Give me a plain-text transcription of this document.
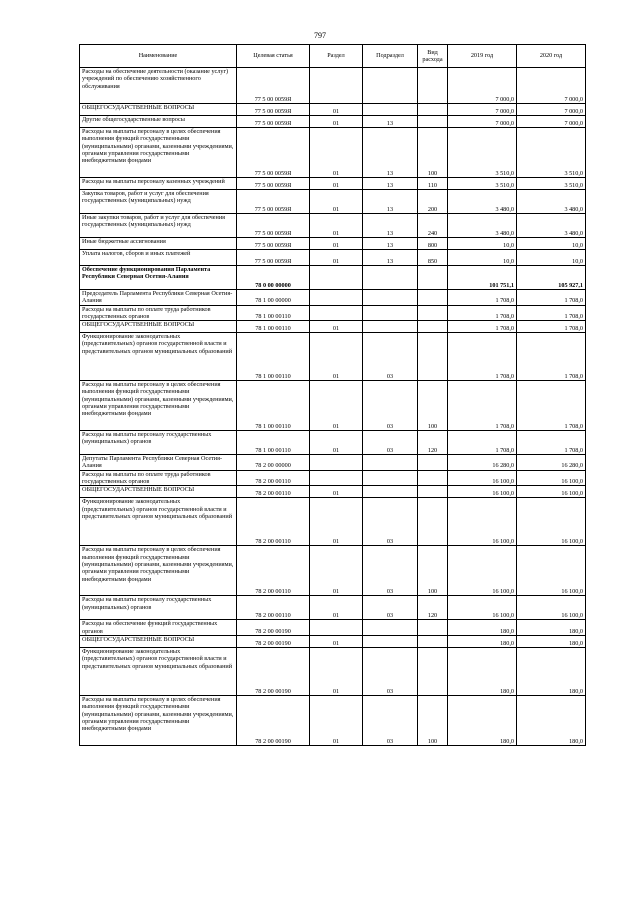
797
Наименование	Целевая статья	Раздел	Подраздел	Вид расхода	2019 год	2020 год
Расходы на обеспечение деятельности (оказание услуг) учреждений по обеспечению хозяйственного обслуживания	77 5 00 0059Я				7 000,0	7 000,0
ОБЩЕГОСУДАРСТВЕННЫЕ ВОПРОСЫ	77 5 00 0059Я	01			7 000,0	7 000,0
Другие общегосударственные вопросы	77 5 00 0059Я	01	13		7 000,0	7 000,0
Расходы на выплаты персоналу в целях обеспечения выполнения функций государственными (муниципальными) органами, казенными учреждениями, органами управления государственными внебюджетными фондами	77 5 00 0059Я	01	13	100	3 510,0	3 510,0
Расходы на выплаты персоналу казенных учреждений	77 5 00 0059Я	01	13	110	3 510,0	3 510,0
Закупка товаров, работ и услуг для обеспечения государственных (муниципальных) нужд	77 5 00 0059Я	01	13	200	3 480,0	3 480,0
Иные закупки товаров, работ и услуг для обеспечения государственных (муниципальных) нужд	77 5 00 0059Я	01	13	240	3 480,0	3 480,0
Иные бюджетные ассигнования	77 5 00 0059Я	01	13	800	10,0	10,0
Уплата налогов, сборов и иных платежей	77 5 00 0059Я	01	13	850	10,0	10,0
Обеспечение функционирования Парламента Республики Северная Осетия-Алания	78 0 00 00000				101 751,1	105 927,1
Председатель Парламента Республики Северная Осетия-Алания	78 1 00 00000				1 708,0	1 708,0
Расходы на выплаты по оплате труда работников государственных органов	78 1 00 00110				1 708,0	1 708,0
ОБЩЕГОСУДАРСТВЕННЫЕ ВОПРОСЫ	78 1 00 00110	01			1 708,0	1 708,0
Функционирование законодательных (представительных) органов государственной власти и представительных органов муниципальных образований	78 1 00 00110	01	03		1 708,0	1 708,0
Расходы на выплаты персоналу в целях обеспечения выполнения функций государственными (муниципальными) органами, казенными учреждениями, органами управления государственными внебюджетными фондами	78 1 00 00110	01	03	100	1 708,0	1 708,0
Расходы на выплаты персоналу государственных (муниципальных) органов	78 1 00 00110	01	03	120	1 708,0	1 708,0
Депутаты Парламента Республики Северная Осетия-Алания	78 2 00 00000				16 280,0	16 280,0
Расходы на выплаты по оплате труда работников государственных органов	78 2 00 00110				16 100,0	16 100,0
ОБЩЕГОСУДАРСТВЕННЫЕ ВОПРОСЫ	78 2 00 00110	01			16 100,0	16 100,0
Функционирование законодательных (представительных) органов государственной власти и представительных органов муниципальных образований	78 2 00 00110	01	03		16 100,0	16 100,0
Расходы на выплаты персоналу в целях обеспечения выполнения функций государственными (муниципальными) органами, казенными учреждениями, органами управления государственными внебюджетными фондами	78 2 00 00110	01	03	100	16 100,0	16 100,0
Расходы на выплаты персоналу государственных (муниципальных) органов	78 2 00 00110	01	03	120	16 100,0	16 100,0
Расходы на обеспечение функций государственных органов	78 2 00 00190				180,0	180,0
ОБЩЕГОСУДАРСТВЕННЫЕ ВОПРОСЫ	78 2 00 00190	01			180,0	180,0
Функционирование законодательных (представительных) органов государственной власти и представительных органов муниципальных образований	78 2 00 00190	01	03		180,0	180,0
Расходы на выплаты персоналу в целях обеспечения выполнения функций государственными (муниципальными) органами, казенными учреждениями, органами управления государственными внебюджетными фондами	78 2 00 00190	01	03	100	180,0	180,0
